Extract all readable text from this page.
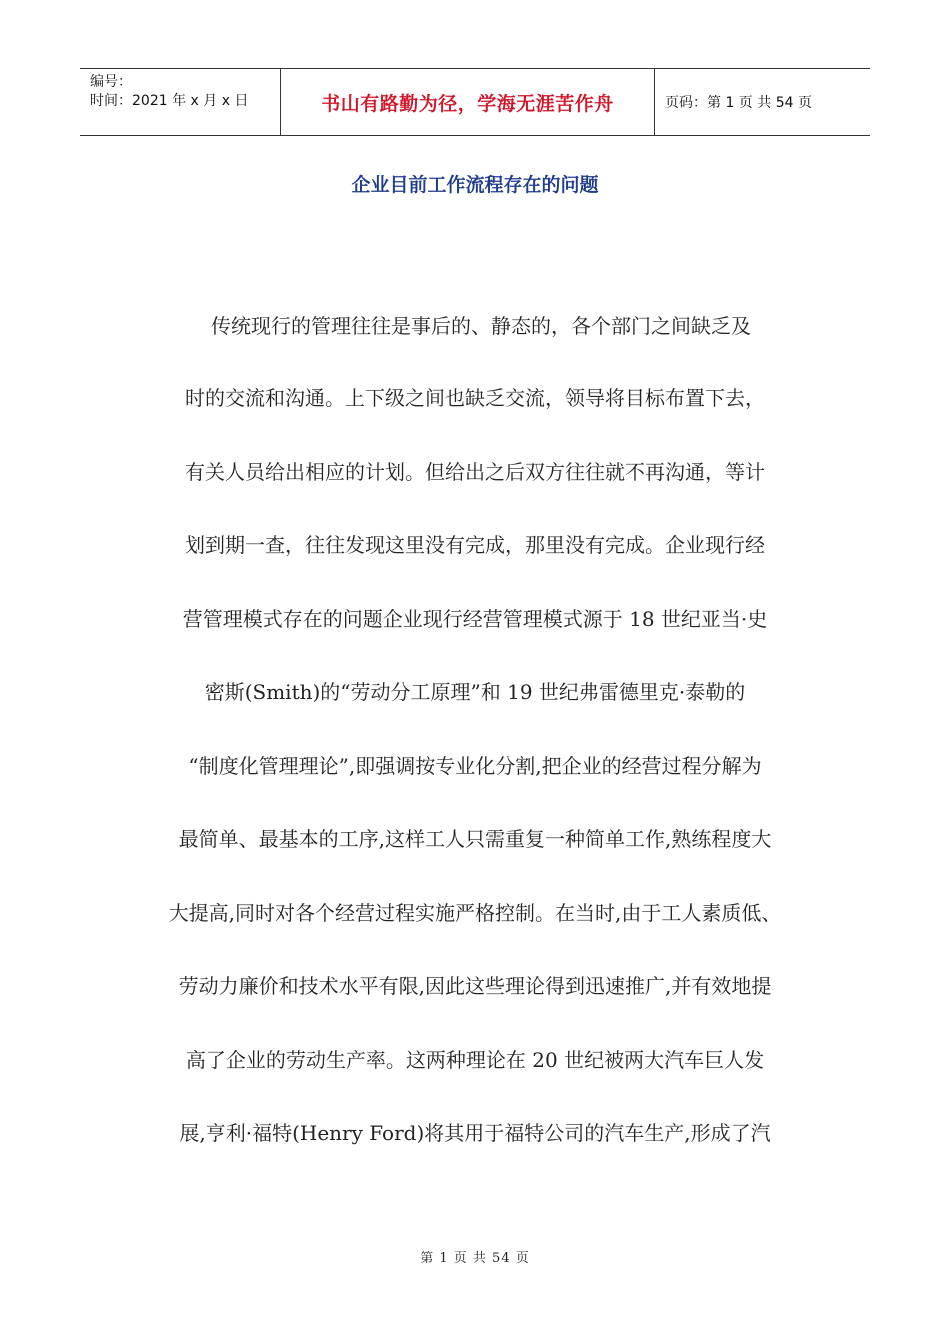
编号：
时间：2021 年 x 月 x 日	书山有路勤为径，学海无涯苦作舟	页码：第 1 页 共 54 页
企业目前工作流程存在的问题
传统现行的管理往往是事后的、静态的，各个部门之间缺乏及
时的交流和沟通。上下级之间也缺乏交流，领导将目标布置下去，
有关人员给出相应的计划。但给出之后双方往往就不再沟通，等计
划到期一查，往往发现这里没有完成，那里没有完成。企业现行经
营管理模式存在的问题企业现行经营管理模式源于 18 世纪亚当·史
密斯(Smith)的“劳动分工原理”和 19 世纪弗雷德里克·泰勒的
“制度化管理理论”,即强调按专业化分割,把企业的经营过程分解为
最简单、最基本的工序,这样工人只需重复一种简单工作,熟练程度大
大提高,同时对各个经营过程实施严格控制。在当时,由于工人素质低、
劳动力廉价和技术水平有限,因此这些理论得到迅速推广,并有效地提
高了企业的劳动生产率。这两种理论在 20 世纪被两大汽车巨人发
展,亨利·福特(Henry Ford)将其用于福特公司的汽车生产,形成了汽
第 1 页 共 54 页
